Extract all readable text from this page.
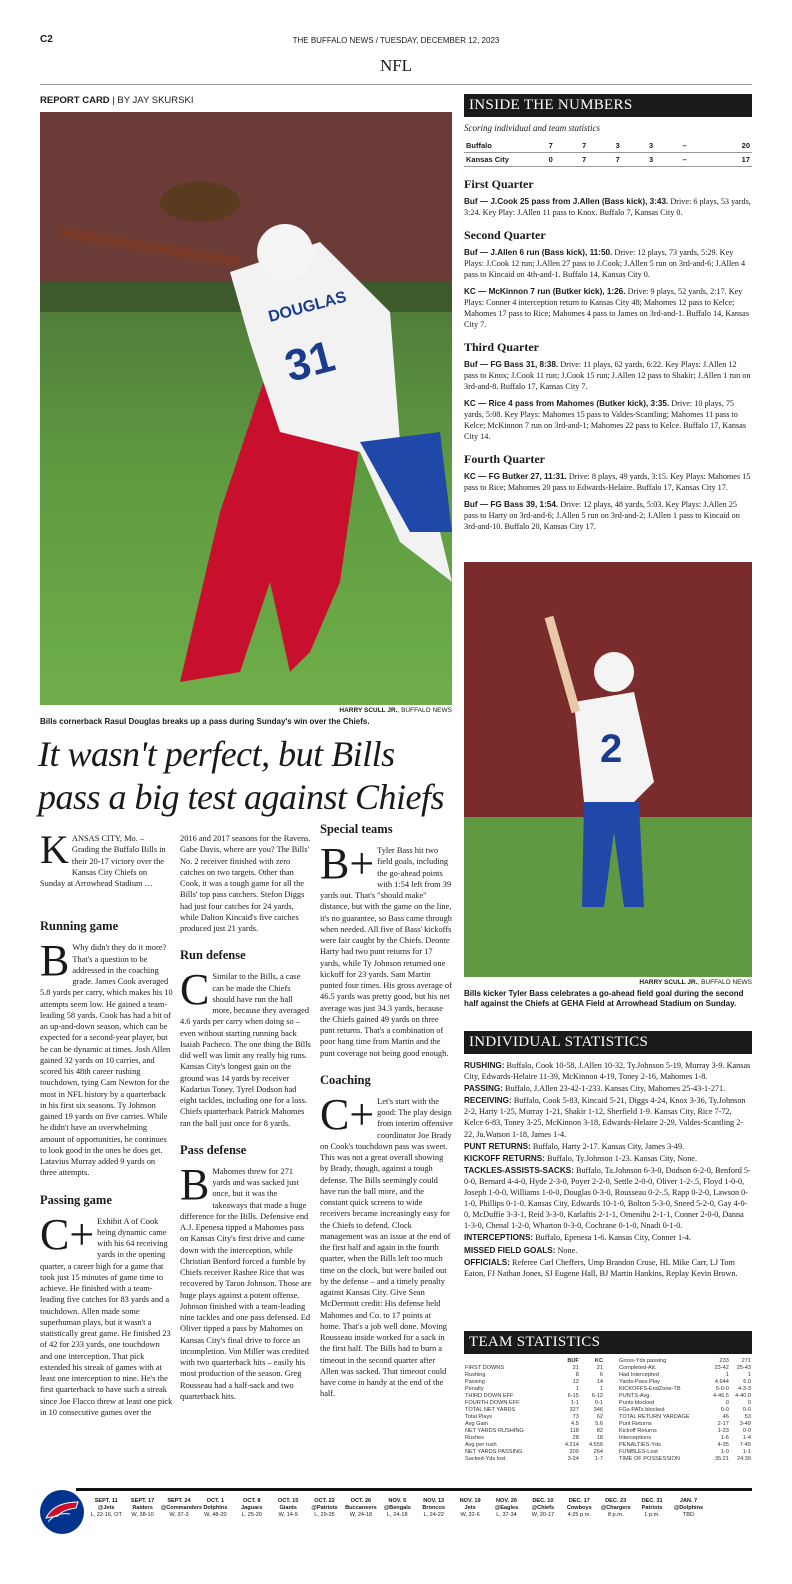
C2	THE BUFFALO NEWS / TUESDAY, DECEMBER 12, 2023
NFL
REPORT CARD | BY JAY SKURSKI
31
DOUGLAS
HARRY SCULL JR., BUFFALO NEWS
Bills cornerback Rasul Douglas breaks up a pass during Sunday's win over the Chiefs.
It wasn't perfect, but Bills pass a big test against Chiefs

KANSAS CITY, Mo. – Grading the Buffalo Bills in their 20-17 victory over the Kansas City Chiefs on Sunday at Arrowhead Stadium …

Running game

B Why didn't they do it more? That's a question to be addressed in the coaching grade. James Cook averaged 5.8 yards per carry, which makes his 10 attempts seem low. He gained a team-leading 58 yards. Cook has had a bit of an up-and-down season, which can be expected for a second-year player, but he can be dynamic at times. Josh Allen gained 32 yards on 10 carries, and scored his 48th career rushing touchdown, tying Cam Newton for the most in NFL history by a quarterback in his first six seasons. Ty Johnson gained 19 yards on five carries. While he didn't have an overwhelming amount of opportunities, he continues to look good in the ones he does get. Latavius Murray added 9 yards on three attempts.

Passing game

C+ Exhibit A of Cook being dynamic came with his 64 receiving yards in the opening quarter, a career high for a game that took just 15 minutes of game time to achieve. He finished with a team-leading five catches for 83 yards and a touchdown. Allen made some superhuman plays, but it wasn't a statistically great game. He finished 23 of 42 for 233 yards, one touchdown and one interception. That pick extended his streak of games with at least one interception to nine. He's the first quarterback to have such a streak since Joe Flacco threw at least one pick in 10 consecutive games over the

2016 and 2017 seasons for the Ravens. Gabe Davis, where are you? The Bills' No. 2 receiver finished with zero catches on two targets. Other than Cook, it was a tough game for all the Bills' top pass catchers. Stefon Diggs had just four catches for 24 yards, while Dalton Kincaid's five catches produced just 21 yards.

Run defense

C Similar to the Bills, a case can be made the Chiefs should have run the ball more, because they averaged 4.6 yards per carry when doing so – even without starting running back Isaiah Pacheco. The one thing the Bills did well was limit any really big runs. Kansas City's longest gain on the ground was 14 yards by receiver Kadarius Toney. Tyrel Dodson had eight tackles, including one for a loss. Chiefs quarterback Patrick Mahomes ran the ball just once for 8 yards.

Pass defense

B Mahomes threw for 271 yards and was sacked just once, but it was the takeaways that made a huge difference for the Bills. Defensive end A.J. Epenesa tipped a Mahomes pass on Kansas City's first drive and came down with the interception, while Christian Benford forced a fumble by Chiefs receiver Rashee Rice that was recovered by Taron Johnson. Those are huge plays against a potent offense. Johnson finished with a team-leading nine tackles and one pass defensed. Ed Oliver tipped a pass by Mahomes on Kansas City's final drive to force an incompletion. Von Miller was credited with two quarterback hits – easily his most production of the season. Greg Rousseau had a half-sack and two quarterback hits.

Special teams

B+ Tyler Bass hit two field goals, including the go-ahead points with 1:54 left from 39 yards out. That's "should make" distance, but with the game on the line, it's no guarantee, so Bass came through when needed. All five of Bass' kickoffs were fair caught by the Chiefs. Deonte Harty had two punt returns for 17 yards, while Ty Johnson returned one kickoff for 23 yards. Sam Martin punted four times. His gross average of 46.5 yards was pretty good, but his net average was just 34.3 yards, because the Chiefs gained 49 yards on three punt returns. That's a combination of poor hang time from Martin and the punt coverage not being good enough.

Coaching

C+ Let's start with the good: The play design from interim offensive coordinator Joe Brady on Cook's touchdown pass was sweet. This was not a great overall showing by Brady, though, against a tough defense. The Bills seemingly could have run the ball more, and the constant quick screens to wide receivers became increasingly easy for the Chiefs to defend. Clock management was an issue at the end of the first half and again in the fourth quarter, when the Bills left too much time on the clock, but were bailed out by the defense – and a timely penalty against Kansas City. Give Sean McDermott credit: His defense held Mahomes and Co. to 17 points at home. That's a job well done. Moving Rousseau inside worked for a sack in the first half. The Bills had to burn a timeout in the second quarter after Allen was sacked. That timeout could have come in handy at the end of the half.

INSIDE THE NUMBERS
Scoring individual and team statistics
Buffalo	7	7	3	3	–	20
Kansas City	0	7	7	3	–	17
First Quarter
Buf — J.Cook 25 pass from J.Allen (Bass kick), 3:43. Drive: 6 plays, 53 yards, 3:24. Key Play: J.Allen 11 pass to Knox. Buffalo 7, Kansas City 0.
Second Quarter
Buf — J.Allen 6 run (Bass kick), 11:50. Drive: 12 plays, 73 yards, 5:29. Key Plays: J.Cook 12 run; J.Allen 27 pass to J.Cook; J.Allen 5 run on 3rd-and-6; J.Allen 4 pass to Kincaid on 4th-and-1. Buffalo 14, Kansas City 0.
KC — McKinnon 7 run (Butker kick), 1:26. Drive: 9 plays, 52 yards, 2:17. Key Plays: Conner 4 interception return to Kansas City 48; Mahomes 12 pass to Kelce; Mahomes 17 pass to Rice; Mahomes 4 pass to James on 3rd-and-1. Buffalo 14, Kansas City 7.
Third Quarter
Buf — FG Bass 31, 8:38. Drive: 11 plays, 62 yards, 6:22. Key Plays: J.Allen 12 pass to Knox; J.Cook 11 run; J.Cook 15 run; J.Allen 12 pass to Shakir; J.Allen 1 run on 3rd-and-8. Buffalo 17, Kansas City 7.
KC — Rice 4 pass from Mahomes (Butker kick), 3:35. Drive: 10 plays, 75 yards, 5:08. Key Plays: Mahomes 15 pass to Valdes-Scantling; Mahomes 11 pass to Kelce; McKinnon 7 run on 3rd-and-1; Mahomes 22 pass to Kelce. Buffalo 17, Kansas City 14.
Fourth Quarter
KC — FG Butker 27, 11:31. Drive: 8 plays, 49 yards, 3:15. Key Plays: Mahomes 15 pass to Rice; Mahomes 20 pass to Edwards-Helaire. Buffalo 17, Kansas City 17.
Buf — FG Bass 39, 1:54. Drive: 12 plays, 48 yards, 5:03. Key Plays: J.Allen 25 pass to Harty on 3rd-and-6; J.Allen 5 run on 3rd-and-2; J.Allen 1 pass to Kincaid on 3rd-and-10. Buffalo 20, Kansas City 17.
2
HARRY SCULL JR., BUFFALO NEWS
Bills kicker Tyler Bass celebrates a go-ahead field goal during the second half against the Chiefs at GEHA Field at Arrowhead Stadium on Sunday.
INDIVIDUAL STATISTICS

RUSHING: Buffalo, Cook 10-58, J.Allen 10-32, Ty.Johnson 5-19, Murray 3-9. Kansas City, Edwards-Helaire 11-39, McKinnon 4-19, Toney 2-16, Mahomes 1-8.

PASSING: Buffalo, J.Allen 23-42-1-233. Kansas City, Mahomes 25-43-1-271.

RECEIVING: Buffalo, Cook 5-83, Kincaid 5-21, Diggs 4-24, Knox 3-36, Ty.Johnson 2-2, Harty 1-25, Murray 1-21, Shakir 1-12, Sherfield 1-9. Kansas City, Rice 7-72, Kelce 6-83, Toney 3-25, McKinnon 3-18, Edwards-Helaire 2-29, Valdes-Scantling 2-22, Ju.Watson 1-18, James 1-4.

PUNT RETURNS: Buffalo, Harty 2-17. Kansas City, James 3-49.

KICKOFF RETURNS: Buffalo, Ty.Johnson 1-23. Kansas City, None.

TACKLES-ASSISTS-SACKS: Buffalo, Ta.Johnson 6-3-0, Dodson 6-2-0, Benford 5-0-0, Bernard 4-4-0, Hyde 2-3-0, Poyer 2-2-0, Settle 2-0-0, Oliver 1-2-.5, Floyd 1-0-0, Joseph 1-0-0, Williams 1-0-0, Douglas 0-3-0, Rousseau 0-2-.5, Rapp 0-2-0, Lawson 0-1-0, Phillips 0-1-0. Kansas City, Edwards 10-1-0, Bolton 5-3-0, Sneed 5-2-0, Gay 4-0-0, McDuffie 3-3-1, Reid 3-3-0, Karlaftis 2-1-1, Omenihu 2-1-1, Conner 2-0-0, Danna 1-3-0, Chenal 1-2-0, Wharton 0-3-0, Cochrane 0-1-0, Nnadi 0-1-0.

INTERCEPTIONS: Buffalo, Epenesa 1-6. Kansas City, Conner 1-4.

MISSED FIELD GOALS: None.

OFFICIALS: Referee Carl Cheffers, Ump Brandon Cruse, HL Mike Carr, LJ Tom Eaton, FJ Nathan Jones, SJ Eugene Hall, BJ Martin Hankins, Replay Kevin Brown.

TEAM STATISTICS
	BUF	KC
FIRST DOWNS	21	21
Rushing	8	6
Passing	12	14
Penalty	1	1
THIRD DOWN EFF	6-15	6-12
FOURTH DOWN EFF	1-1	0-1
TOTAL NET YARDS	327	346
Total Plays	73	62
Avg Gain	4.5	5.6
NET YARDS RUSHING	118	82
Rushes	28	18
Avg per rush	4.214	4.556
NET YARDS PASSING	209	264
Sacked-Yds lost	3-24	1-7
Gross-Yds passing	233	271
Completed-Att.	23-42	25-43
Had Intercepted	1	1
Yards-Pass Play	4.644	6.0
KICKOFFS-EndZone-TB	5-0-0	4-3-3
PUNTS-Avg.	4-46.5	4-40.0
Punts blocked	0	0
FGs-PATs blocked	0-0	0-0
TOTAL RETURN YARDAGE	46	53
Punt Returns	2-17	3-49
Kickoff Returns	1-23	0-0
Interceptions	1-6	1-4
PENALTIES-Yds	4-35	7-45
FUMBLES-Lost	1-0	1-1
TIME OF POSSESSION	35:21	24:39
SEPT. 11
@Jets
L, 22-16, OT
SEPT. 17
Raiders
W, 38-10
SEPT. 24
@Commanders
W, 37-3
OCT. 1
Dolphins
W, 48-20
OCT. 8
Jaguars
L, 25-20
OCT. 15
Giants
W, 14-9
OCT. 22
@Patriots
L, 29-25
OCT. 26
Buccaneers
W, 24-18
NOV. 5
@Bengals
L, 24-18
NOV. 13
Broncos
L, 24-22
NOV. 19
Jets
W, 32-6
NOV. 26
@Eagles
L, 37-34
DEC. 10
@Chiefs
W, 20-17
DEC. 17
Cowboys
4:25 p.m.
DEC. 23
@Chargers
8 p.m.
DEC. 31
Patriots
1 p.m.
JAN. 7
@Dolphins
TBD
